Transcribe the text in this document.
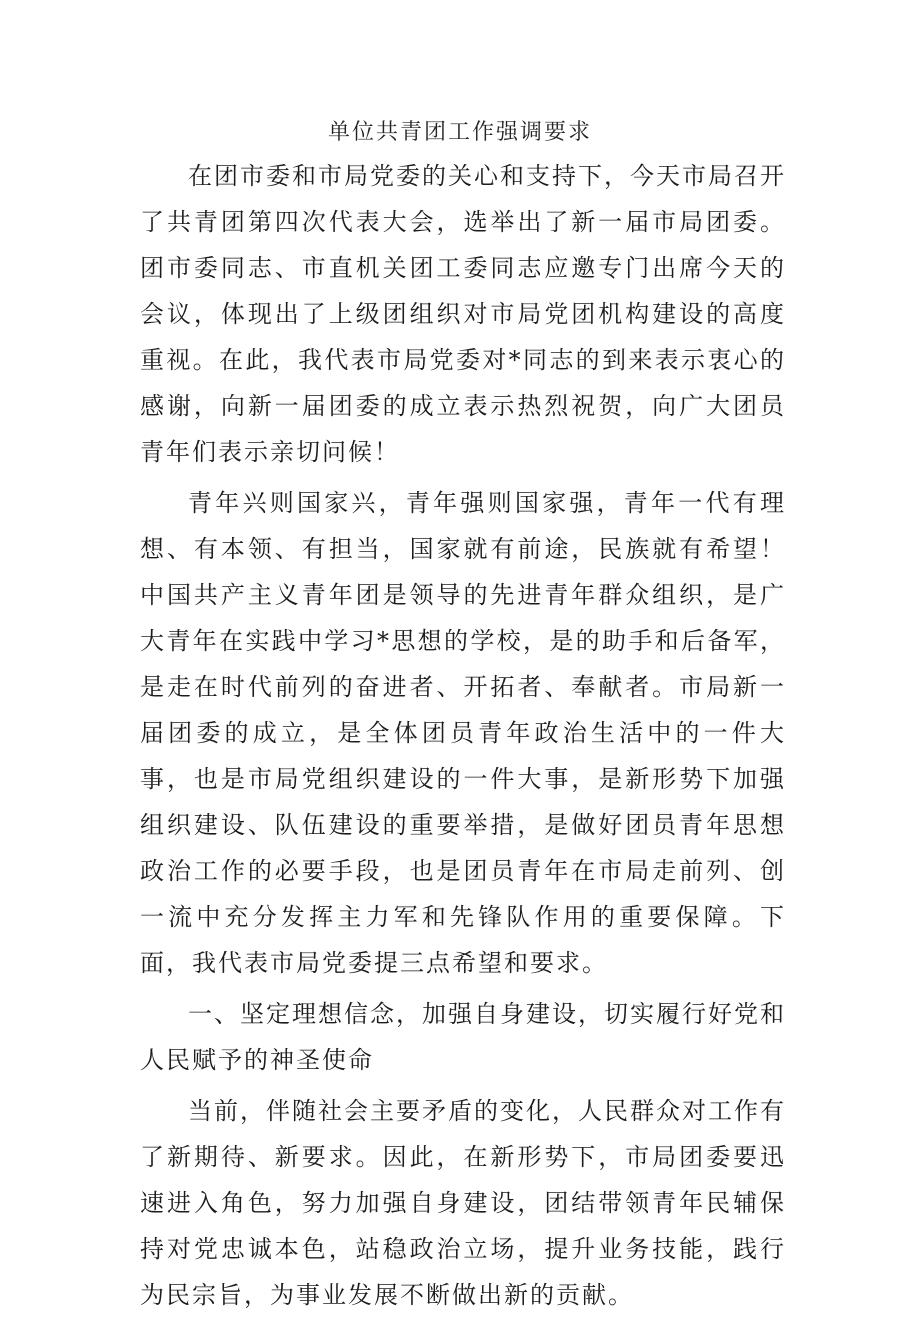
单位共青团工作强调要求

在团市委和市局党委的关心和支持下，今天市局召开了共青团第四次代表大会，选举出了新一届市局团委。团市委同志、市直机关团工委同志应邀专门出席今天的会议，体现出了上级团组织对市局党团机构建设的高度重视。在此，我代表市局党委对*同志的到来表示衷心的感谢，向新一届团委的成立表示热烈祝贺，向广大团员青年们表示亲切问候！

青年兴则国家兴，青年强则国家强，青年一代有理想、有本领、有担当，国家就有前途，民族就有希望！中国共产主义青年团是领导的先进青年群众组织，是广大青年在实践中学习*思想的学校，是的助手和后备军，是走在时代前列的奋进者、开拓者、奉献者。市局新一届团委的成立，是全体团员青年政治生活中的一件大事，也是市局党组织建设的一件大事，是新形势下加强组织建设、队伍建设的重要举措，是做好团员青年思想政治工作的必要手段，也是团员青年在市局走前列、创一流中充分发挥主力军和先锋队作用的重要保障。下面，我代表市局党委提三点希望和要求。

一、坚定理想信念，加强自身建设，切实履行好党和人民赋予的神圣使命

当前，伴随社会主要矛盾的变化，人民群众对工作有了新期待、新要求。因此，在新形势下，市局团委要迅速进入角色，努力加强自身建设，团结带领青年民辅保持对党忠诚本色，站稳政治立场，提升业务技能，践行为民宗旨，为事业发展不断做出新的贡献。
